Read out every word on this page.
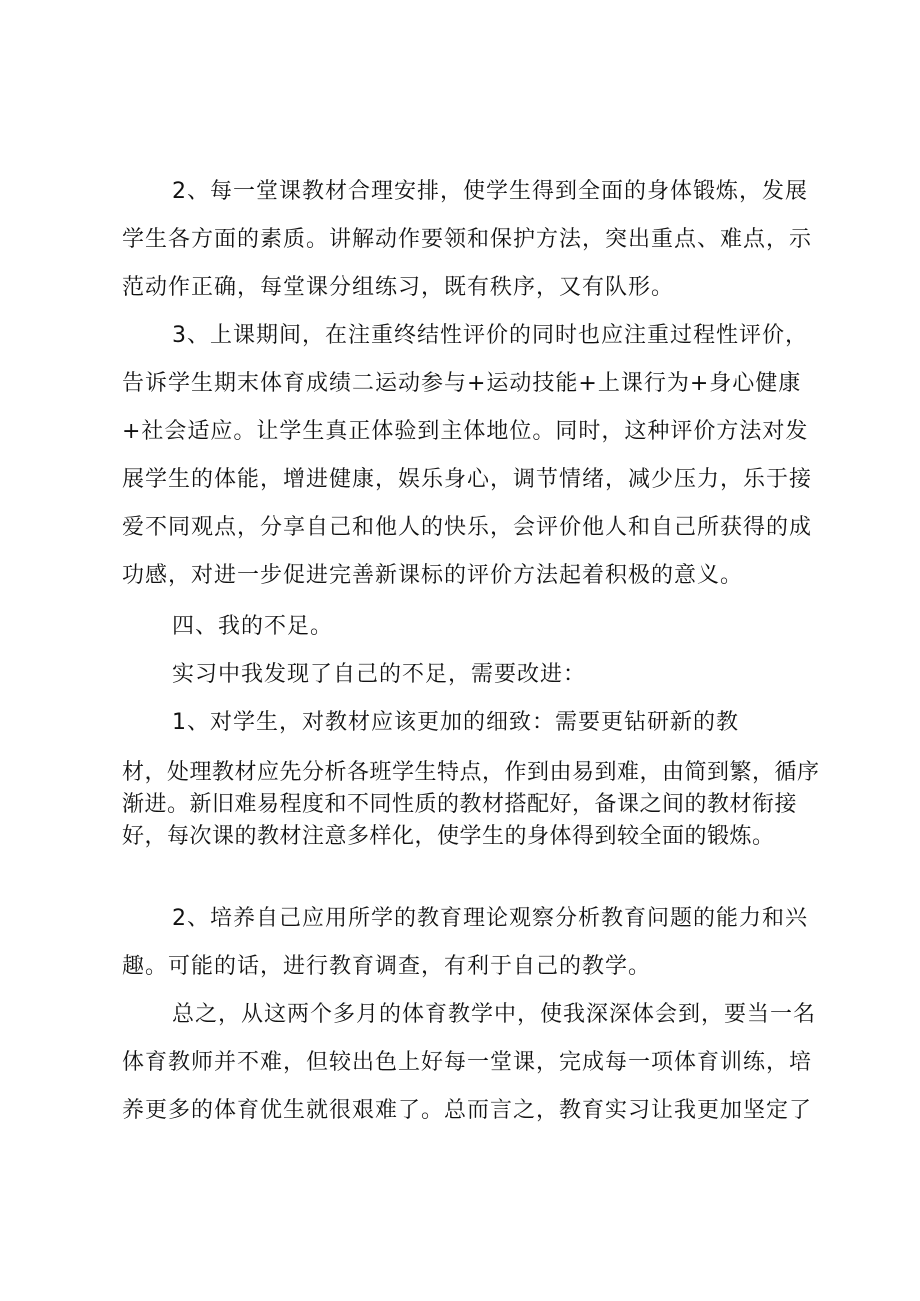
2、每一堂课教材合理安排，使学生得到全面的身体锻炼，发展学生各方面的素质。讲解动作要领和保护方法，突出重点、难点，示范动作正确，每堂课分组练习，既有秩序，又有队形。

3、上课期间，在注重终结性评价的同时也应注重过程性评价，告诉学生期末体育成绩二运动参与+运动技能+上课行为+身心健康+社会适应。让学生真正体验到主体地位。同时，这种评价方法对发展学生的体能，增进健康，娱乐身心，调节情绪，减少压力，乐于接爱不同观点，分享自己和他人的快乐，会评价他人和自己所获得的成功感，对进一步促进完善新课标的评价方法起着积极的意义。

四、我的不足。

实习中我发现了自己的不足，需要改进：

1、对学生，对教材应该更加的细致：需要更钻研新的教

材，处理教材应先分析各班学生特点，作到由易到难，由简到繁，循序渐进。新旧难易程度和不同性质的教材搭配好，备课之间的教材衔接好，每次课的教材注意多样化，使学生的身体得到较全面的锻炼。

2、培养自己应用所学的教育理论观察分析教育问题的能力和兴趣。可能的话，进行教育调查，有利于自己的教学。

总之，从这两个多月的体育教学中，使我深深体会到，要当一名体育教师并不难，但较出色上好每一堂课，完成每一项体育训练，培养更多的体育优生就很艰难了。总而言之，教育实习让我更加坚定了
